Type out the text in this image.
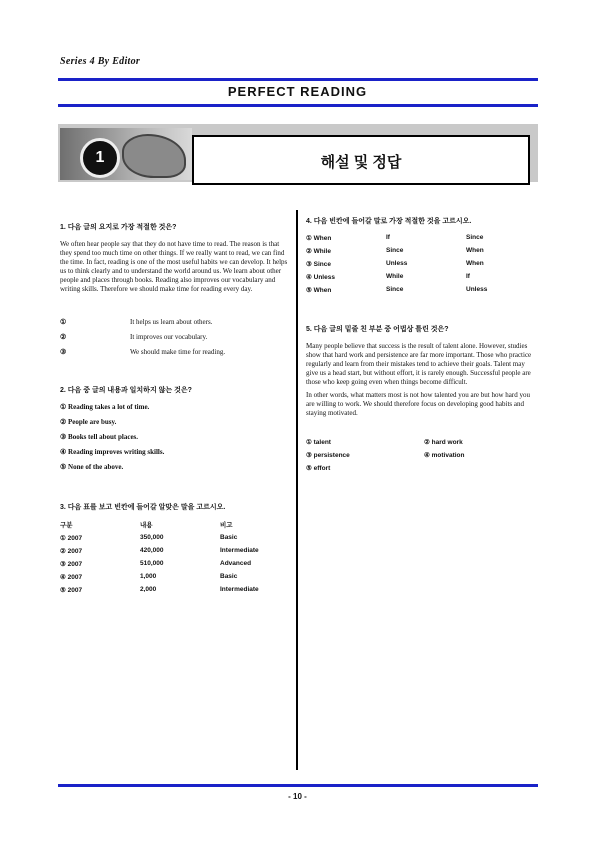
Series 4 By Editor
PERFECT READING
1	해설 및 정답
1. 다음 글의 요지로 가장 적절한 것은?

We often hear people say that they do not have time to read. The reason is that they spend too much time on other things. If we really want to read, we can find the time. In fact, reading is one of the most useful habits we can develop. It helps us to think clearly and to understand the world around us. We learn about other people and places through books. Reading also improves our vocabulary and writing skills. Therefore we should make time for reading every day.

①	It helps us learn about others.
②	It improves our vocabulary.
③	We should make time for reading.
2. 다음 중 글의 내용과 일치하지 않는 것은?
① Reading takes a lot of time.
② People are busy.
③ Books tell about places.
④ Reading improves writing skills.
⑤ None of the above.
3. 다음 표를 보고 빈칸에 들어갈 알맞은 말을 고르시오.
구분	내용	비고
① 2007	350,000	Basic
② 2007	420,000	Intermediate
③ 2007	510,000	Advanced
④ 2007	1,000	Basic
⑤ 2007	2,000	Intermediate
4. 다음 빈칸에 들어갈 말로 가장 적절한 것을 고르시오.
① When	If	Since
② While	Since	When
③ Since	Unless	When
④ Unless	While	If
⑤ When	Since	Unless
5. 다음 글의 밑줄 친 부분 중 어법상 틀린 것은?

Many people believe that success is the result of talent alone. However, studies show that hard work and persistence are far more important. Those who practice regularly and learn from their mistakes tend to achieve their goals. Talent may give us a head start, but without effort, it is rarely enough. Successful people are those who keep going even when things become difficult.

In other words, what matters most is not how talented you are but how hard you are willing to work. We should therefore focus on developing good habits and staying motivated.

① talent	② hard work
③ persistence	④ motivation
⑤ effort
- 10 -
